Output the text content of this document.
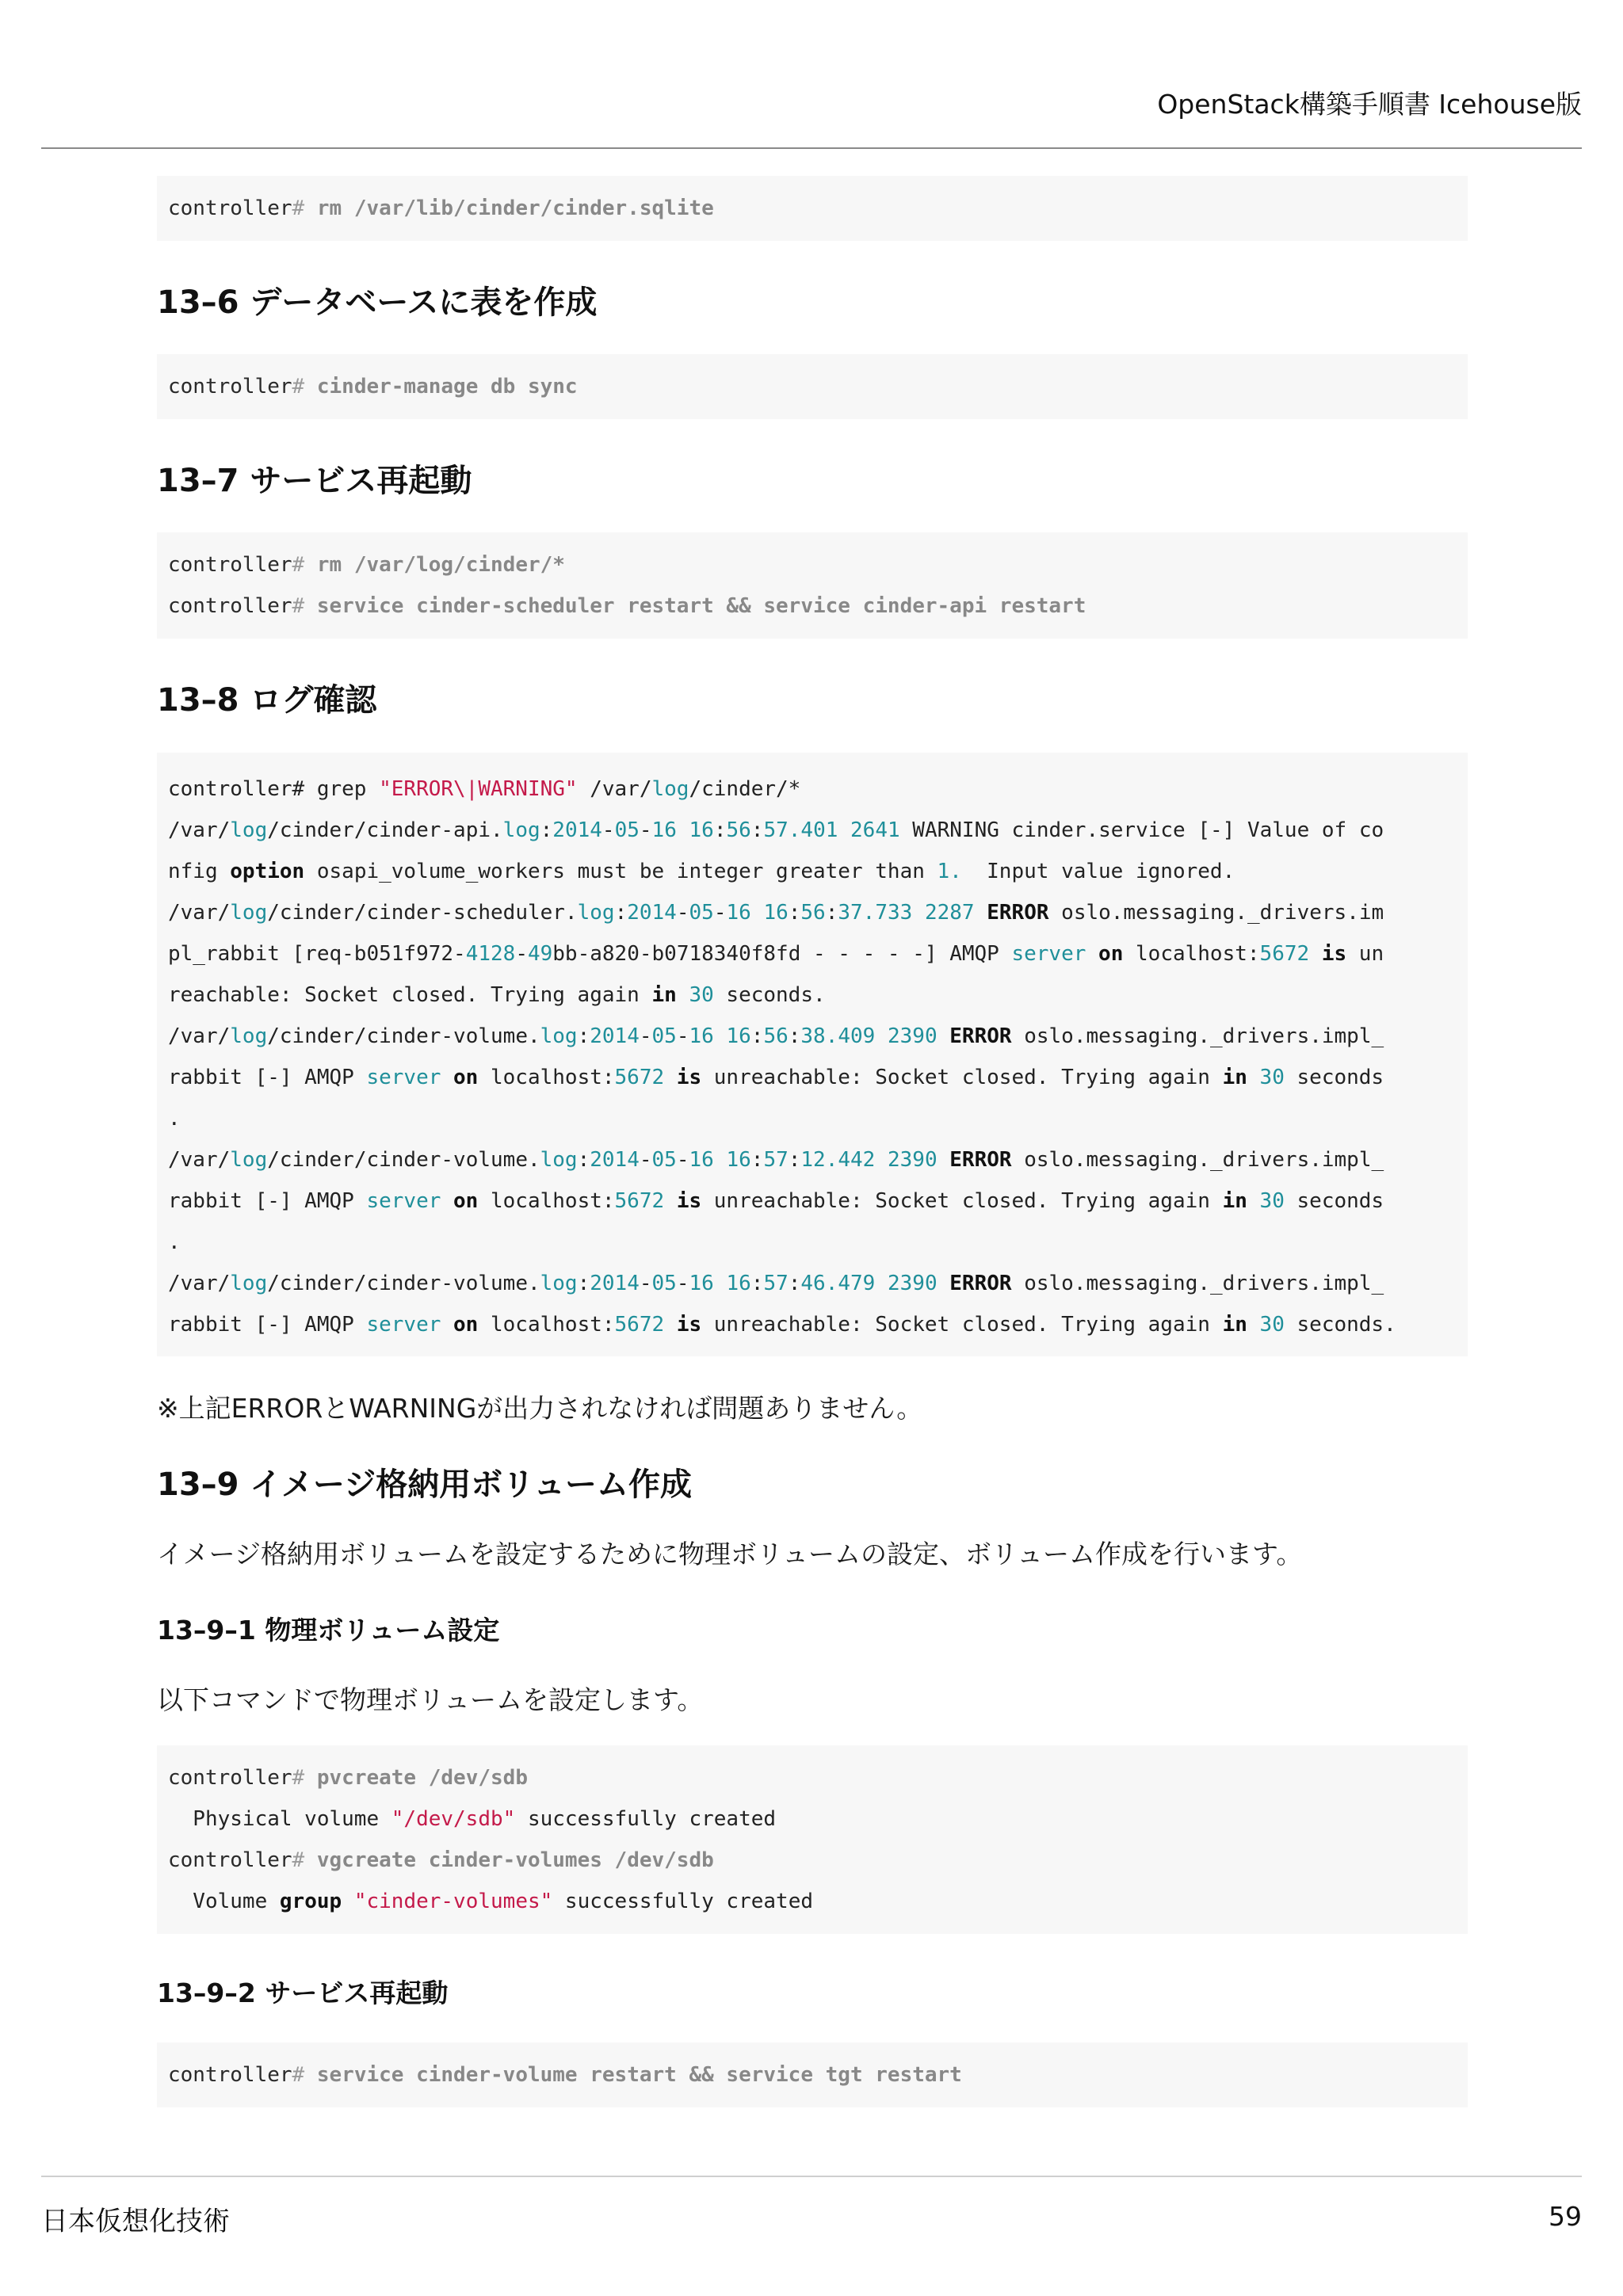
OpenStack構築手順書 Icehouse版
controller# rm /var/lib/cinder/cinder.sqlite
13–6 データベースに表を作成
controller# cinder-manage db sync
13–7 サービス再起動
controller# rm /var/log/cinder/*
controller# service cinder-scheduler restart && service cinder-api restart
13–8 ログ確認
controller# grep "ERROR\|WARNING" /var/log/cinder/*
/var/log/cinder/cinder-api.log:2014-05-16 16:56:57.401 2641 WARNING cinder.service [-] Value of co
nfig option osapi_volume_workers must be integer greater than 1.  Input value ignored.
/var/log/cinder/cinder-scheduler.log:2014-05-16 16:56:37.733 2287 ERROR oslo.messaging._drivers.im
pl_rabbit [req-b051f972-4128-49bb-a820-b0718340f8fd - - - - -] AMQP server on localhost:5672 is un
reachable: Socket closed. Trying again in 30 seconds.
/var/log/cinder/cinder-volume.log:2014-05-16 16:56:38.409 2390 ERROR oslo.messaging._drivers.impl_
rabbit [-] AMQP server on localhost:5672 is unreachable: Socket closed. Trying again in 30 seconds
.
/var/log/cinder/cinder-volume.log:2014-05-16 16:57:12.442 2390 ERROR oslo.messaging._drivers.impl_
rabbit [-] AMQP server on localhost:5672 is unreachable: Socket closed. Trying again in 30 seconds
.
/var/log/cinder/cinder-volume.log:2014-05-16 16:57:46.479 2390 ERROR oslo.messaging._drivers.impl_
rabbit [-] AMQP server on localhost:5672 is unreachable: Socket closed. Trying again in 30 seconds.
※上記ERRORとWARNINGが出力されなければ問題ありません。
13–9 イメージ格納用ボリューム作成
イメージ格納用ボリュームを設定するために物理ボリュームの設定、ボリューム作成を行います。
13–9–1 物理ボリューム設定
以下コマンドで物理ボリュームを設定します。
controller# pvcreate /dev/sdb
Physical volume "/dev/sdb" successfully created
controller# vgcreate cinder-volumes /dev/sdb
Volume group "cinder-volumes" successfully created
13–9–2 サービス再起動
controller# service cinder-volume restart && service tgt restart
日本仮想化技術	59
